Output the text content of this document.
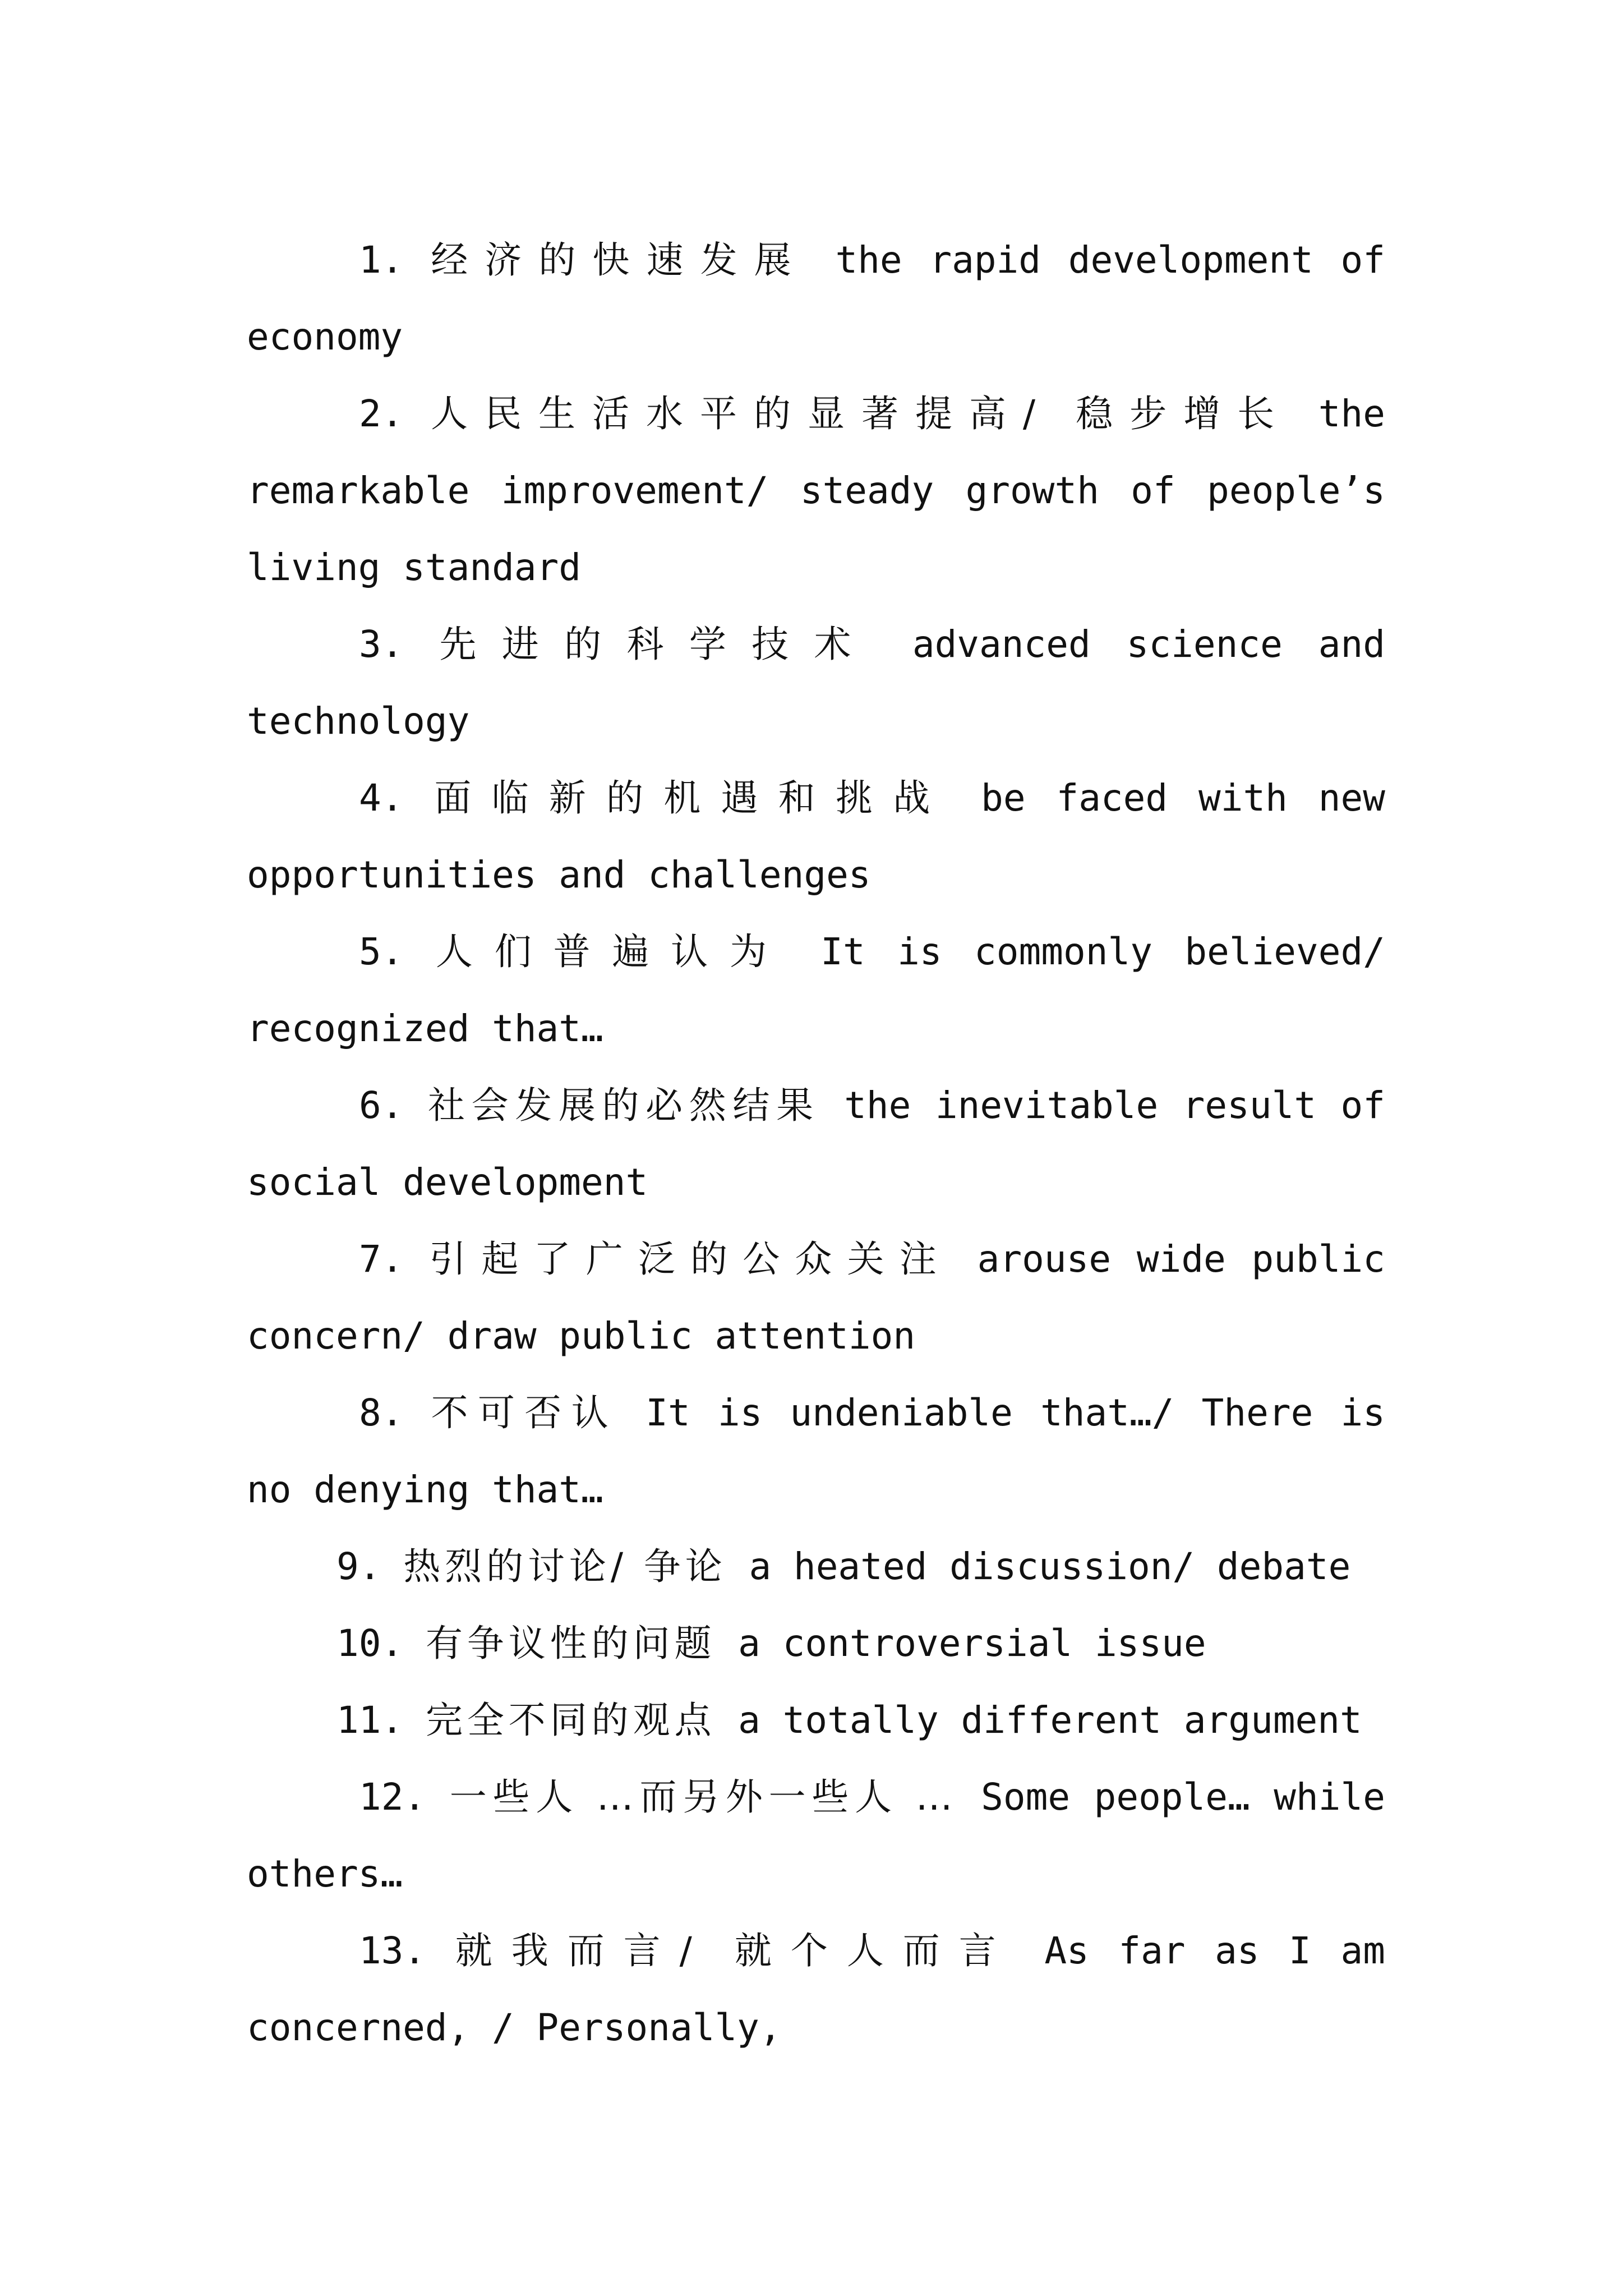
1. 经济的快速发展 the rapid development of economy

2. 人民生活水平的显著提高/ 稳步增长 the remarkable improvement/ steady growth of people’s living standard

3. 先进的科学技术 advanced science and technology

4. 面临新的机遇和挑战 be faced with new opportunities and challenges

5. 人们普遍认为 It is commonly believed/ recognized that…

6. 社会发展的必然结果 the inevitable result of social development

7. 引起了广泛的公众关注 arouse wide public concern/ draw public attention

8. 不可否认 It is undeniable that…/ There is no denying that…

9. 热烈的讨论/ 争论 a heated discussion/ debate

10. 有争议性的问题 a controversial issue

11. 完全不同的观点 a totally different argument

12. 一些人 …而另外一些人 … Some people… while others…

13. 就我而言/ 就个人而言 As far as I am concerned, / Personally,
